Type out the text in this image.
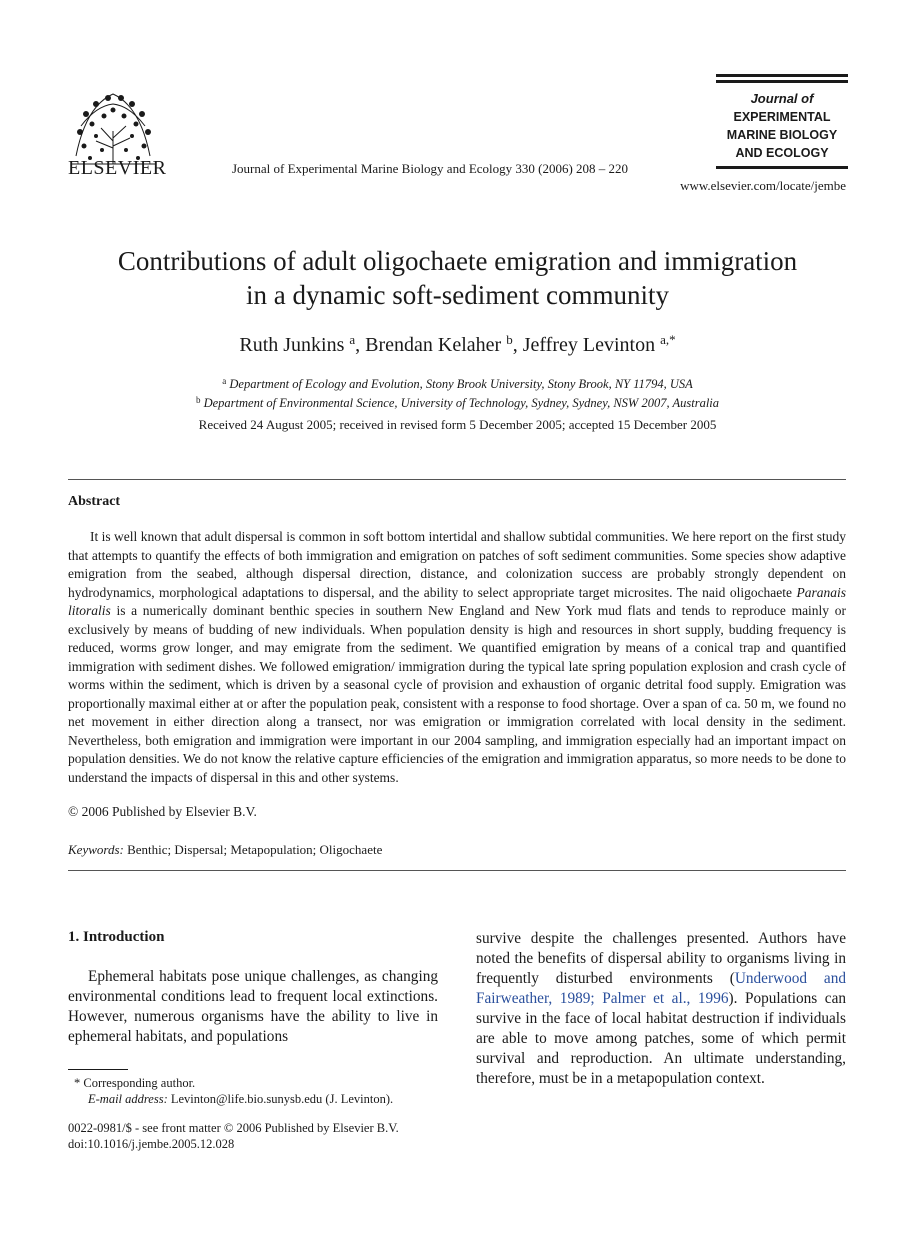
ELSEVIER	Journal of Experimental Marine Biology and Ecology 330 (2006) 208 – 220
Journal of
EXPERIMENTAL
MARINE BIOLOGY
AND ECOLOGY
www.elsevier.com/locate/jembe
Contributions of adult oligochaete emigration and immigration
in a dynamic soft-sediment community
Ruth Junkins $^a$, Brendan Kelaher $^b$, Jeffrey Levinton $^{a,*}$
$^a$ Department of Ecology and Evolution, Stony Brook University, Stony Brook, NY 11794, USA
$^b$ Department of Environmental Science, University of Technology, Sydney, Sydney, NSW 2007, Australia
Received 24 August 2005; received in revised form 5 December 2005; accepted 15 December 2005
Abstract

It is well known that adult dispersal is common in soft bottom intertidal and shallow subtidal communities. We here report on the first study that attempts to quantify the effects of both immigration and emigration on patches of soft sediment communities. Some species show adaptive emigration from the seabed, although dispersal direction, distance, and colonization success are probably strongly dependent on hydrodynamics, morphological adaptations to dispersal, and the ability to select appropriate target microsites. The naid oligochaete Paranais litoralis is a numerically dominant benthic species in southern New England and New York mud flats and tends to reproduce mainly or exclusively by means of budding of new individuals. When population density is high and resources in short supply, budding frequency is reduced, worms grow longer, and may emigrate from the sediment. We quantified emigration by means of a conical trap and quantified immigration with sediment dishes. We followed emigration/ immigration during the typical late spring population explosion and crash cycle of worms within the sediment, which is driven by a seasonal cycle of provision and exhaustion of organic detrital food supply. Emigration was proportionally maximal either at or after the population peak, consistent with a response to food shortage. Over a span of ca. 50 m, we found no net movement in either direction along a transect, nor was emigration or immigration correlated with local density in the sediment. Nevertheless, both emigration and immigration were important in our 2004 sampling, and immigration especially had an important impact on population densities. We do not know the relative capture efficiencies of the emigration and immigration apparatus, so more needs to be done to understand the impacts of dispersal in this and other systems.

© 2006 Published by Elsevier B.V.
Keywords: Benthic; Dispersal; Metapopulation; Oligochaete
1. Introduction

Ephemeral habitats pose unique challenges, as changing environmental conditions lead to frequent local extinctions. However, numerous organisms have the ability to live in ephemeral habitats, and populations

survive despite the challenges presented. Authors have noted the benefits of dispersal ability to organisms living in frequently disturbed environments (Underwood and Fairweather, 1989; Palmer et al., 1996). Populations can survive in the face of local habitat destruction if individuals are able to move among patches, some of which permit survival and reproduction. An ultimate understanding, therefore, must be in a metapopulation context.

* Corresponding author.
E-mail address: Levinton@life.bio.sunysb.edu (J. Levinton).
0022-0981/$ - see front matter © 2006 Published by Elsevier B.V.
doi:10.1016/j.jembe.2005.12.028
